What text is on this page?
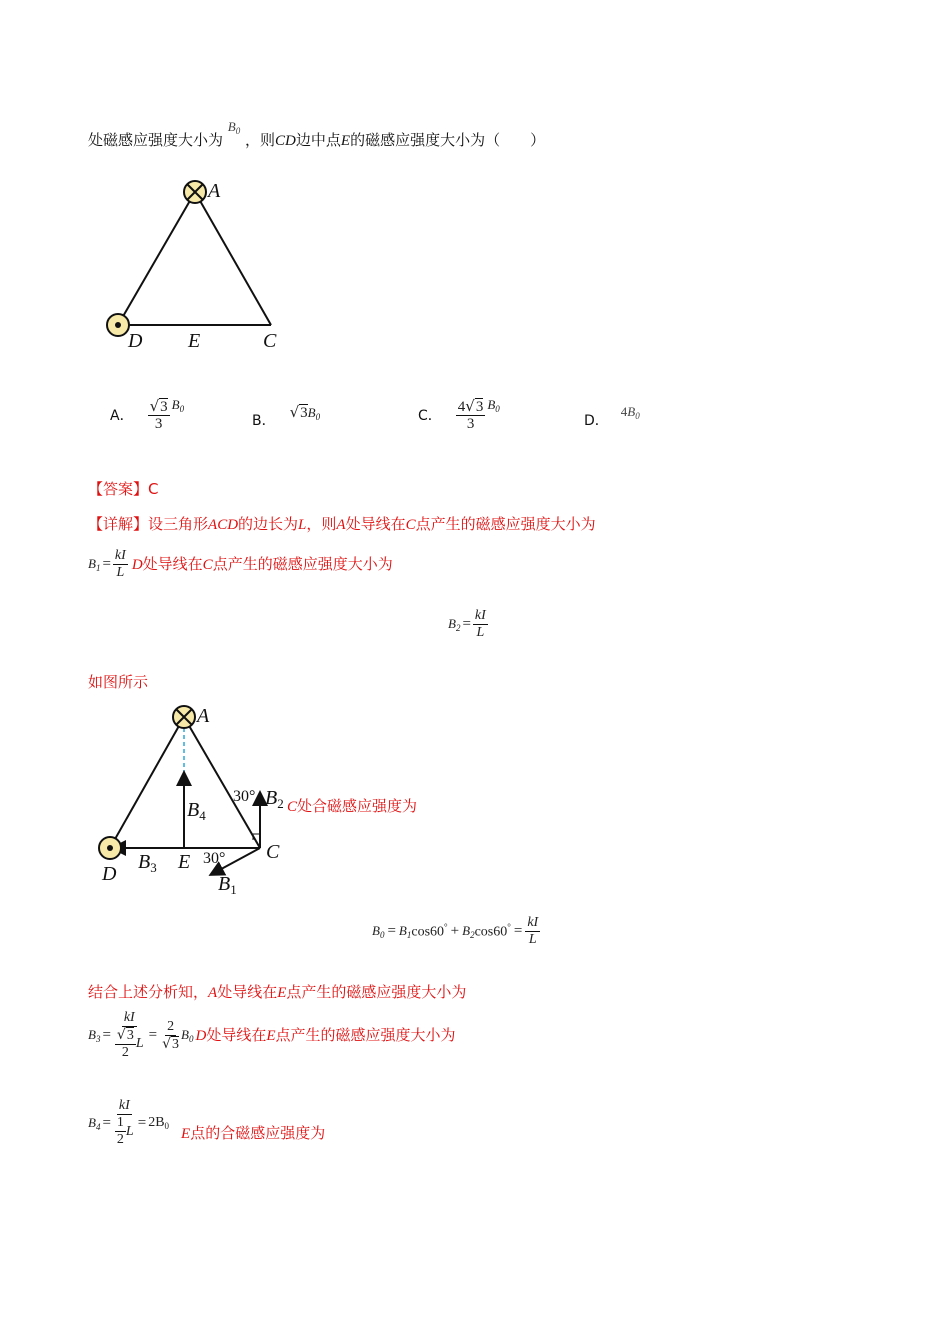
处磁感应强度大小为 $B_0$ ，则CD边中点E的磁感应强度大小为（　　）
A
D E	C
A． $\frac{√3}{3} B_0$
B．
$√3B_0$	C． $\frac{4√3}{3} B_0$
D．
$4B_0$
【答案】C
【详解】设三角形ACD的边长为L，则A处导线在C点产生的磁感应强度大小为
$B_1 = \frac{kI}{L}$ D处导线在C点产生的磁感应强度大小为
$B_2 = \frac{kI}{L}$
如图所示
A
D
E	C
$B_3$
$B_4$
$B_2$
$B_1$
30°
30°
C处合磁感应强度为
$B_0 = B_1$ $\cos 60^\circ + B_2$ $\cos 60^\circ = \frac{kI}{L}$
结合上述分析知，A处导线在E点产生的磁感应强度大小为
$B_3 = \frac{kI}{\frac{√3}{2} L} = \frac{2}{√3} B_0$ D处导线在E点产生的磁感应强度大小为
$B_4 = \frac{kI}{\frac{1}{2} L} = 2B_0$ E点的合磁感应强度为
